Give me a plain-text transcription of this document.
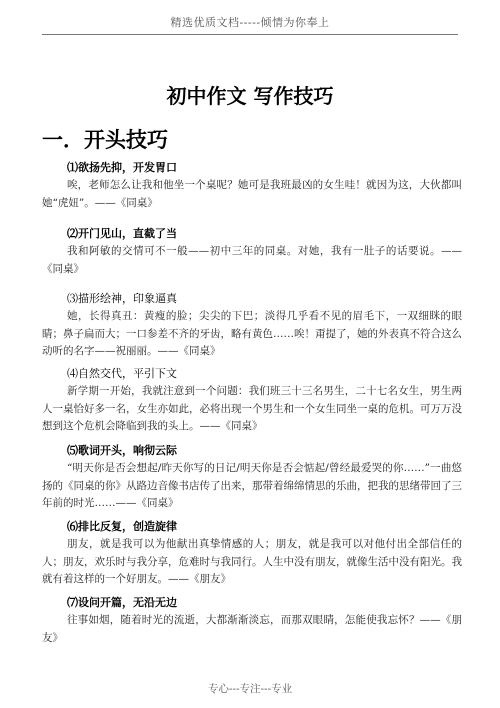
精选优质文档-----倾情为你奉上
初中作文 写作技巧
一．开头技巧
⑴欲扬先抑，开发胃口
唉，老师怎么让我和他坐一个桌呢？她可是我班最凶的女生哇！就因为这，大伙都叫她“虎妞”。——《同桌》
⑵开门见山，直截了当
我和阿敏的交情可不一般——初中三年的同桌。对她，我有一肚子的话要说。——《同桌》
⑶描形绘神，印象逼真
她，长得真丑：黄瘦的脸；尖尖的下巴；淡得几乎看不见的眉毛下，一双细眯的眼睛；鼻子扁而大；一口参差不齐的牙齿，略有黄色……唉！甭提了，她的外表真不符合这么动听的名字——祝丽丽。——《同桌》
⑷自然交代，平引下文
新学期一开始，我就注意到一个问题：我们班三十三名男生，二十七名女生，男生两人一桌恰好多一名，女生亦如此，必将出现一个男生和一个女生同坐一桌的危机。可万万没想到这个危机会降临到我的头上。——《同桌》
⑸歌词开头，响彻云际
“明天你是否会想起/昨天你写的日记/明天你是否会惦起/曾经最爱哭的你……”一曲悠扬的《同桌的你》从路边音像书店传了出来，那带着绵绵情思的乐曲，把我的思绪带回了三年前的时光……——《同桌》
⑹排比反复，创造旋律
朋友，就是我可以为他献出真挚情感的人；朋友，就是我可以对他付出全部信任的人；朋友，欢乐时与我分享，危难时与我同行。人生中没有朋友，就像生活中没有阳光。我就有着这样的一个好朋友。——《朋友》
⑺设问开篇，无沿无边
往事如烟，随着时光的流逝，大都渐渐淡忘，而那双眼睛，怎能使我忘怀？——《朋友》
专心---专注---专业
